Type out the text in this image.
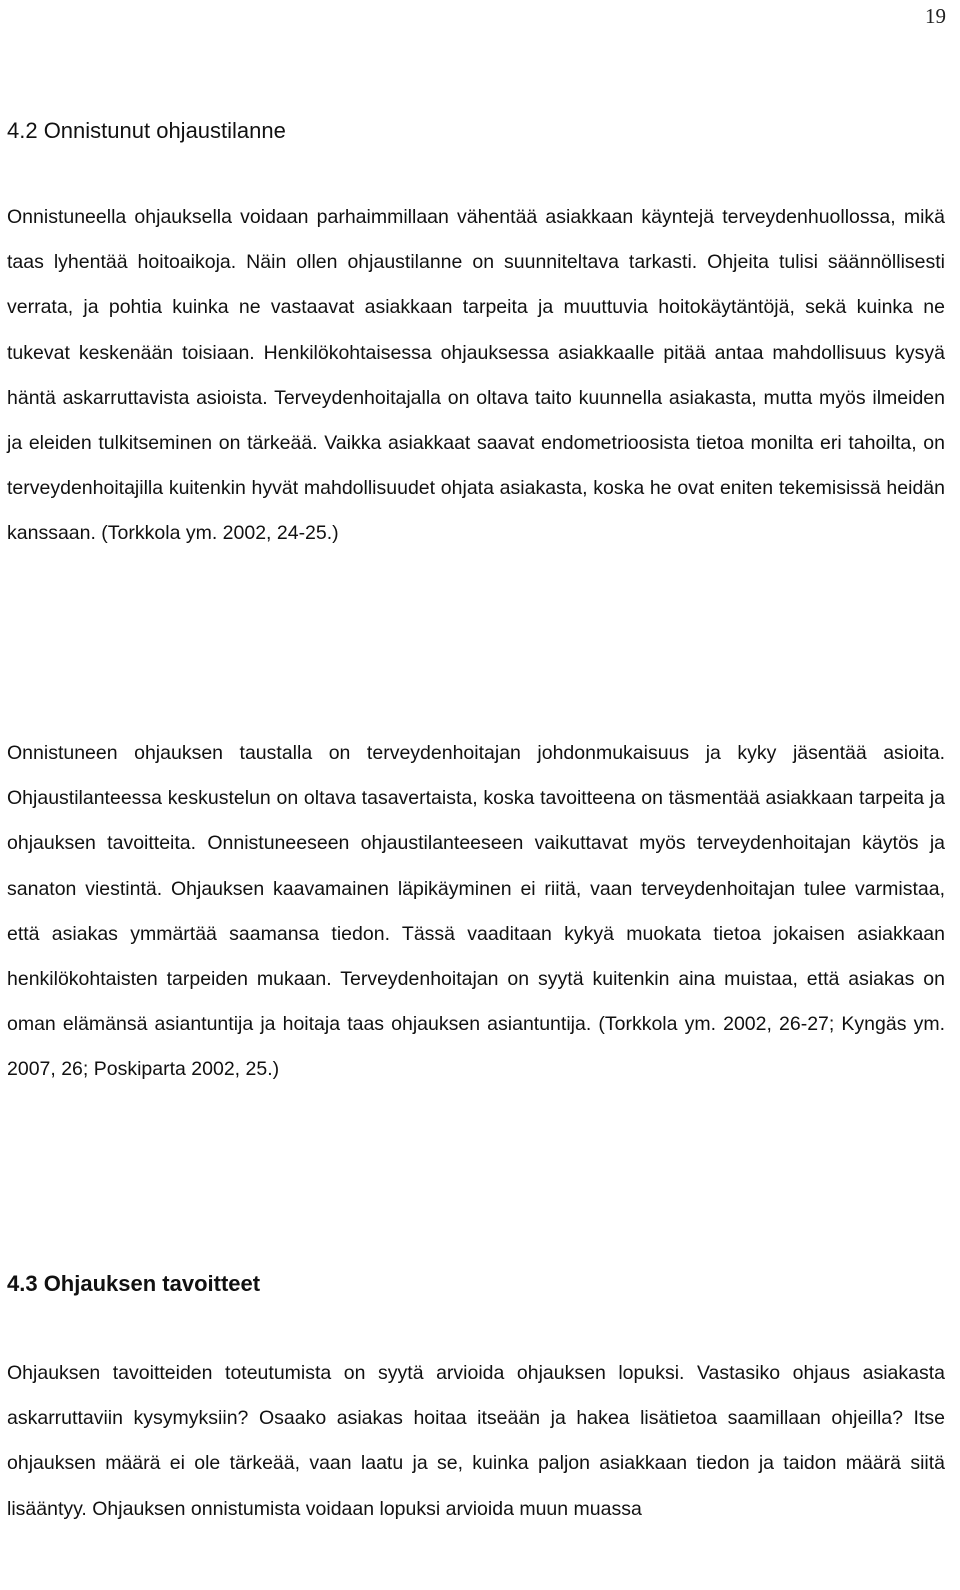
19
4.2 Onnistunut ohjaustilanne

Onnistuneella ohjauksella voidaan parhaimmillaan vähentää asiakkaan käyntejä terveydenhuollossa, mikä taas lyhentää hoitoaikoja. Näin ollen ohjaustilanne on suunniteltava tarkasti. Ohjeita tulisi säännöllisesti verrata, ja pohtia kuinka ne vastaavat asiakkaan tarpeita ja muuttuvia hoitokäytäntöjä, sekä kuinka ne tukevat keskenään toisiaan. Henkilökohtaisessa ohjauksessa asiakkaalle pitää antaa mahdollisuus kysyä häntä askarruttavista asioista. Terveydenhoitajalla on oltava taito kuunnella asiakasta, mutta myös ilmeiden ja eleiden tulkitseminen on tärkeää. Vaikka asiakkaat saavat endometrioosista tietoa monilta eri tahoilta, on terveydenhoitajilla kuitenkin hyvät mahdollisuudet ohjata asiakasta, koska he ovat eniten tekemisissä heidän kanssaan. (Torkkola ym. 2002, 24-25.)

Onnistuneen ohjauksen taustalla on terveydenhoitajan johdonmukaisuus ja kyky jäsentää asioita. Ohjaustilanteessa keskustelun on oltava tasavertaista, koska tavoitteena on täsmentää asiakkaan tarpeita ja ohjauksen tavoitteita. Onnistuneeseen ohjaustilanteeseen vaikuttavat myös terveydenhoitajan käytös ja sanaton viestintä. Ohjauksen kaavamainen läpikäyminen ei riitä, vaan terveydenhoitajan tulee varmistaa, että asiakas ymmärtää saamansa tiedon. Tässä vaaditaan kykyä muokata tietoa jokaisen asiakkaan henkilökohtaisten tarpeiden mukaan. Terveydenhoitajan on syytä kuitenkin aina muistaa, että asiakas on oman elämänsä asiantuntija ja hoitaja taas ohjauksen asiantuntija. (Torkkola ym. 2002, 26-27; Kyngäs ym. 2007, 26; Poskiparta 2002, 25.)

4.3 Ohjauksen tavoitteet

Ohjauksen tavoitteiden toteutumista on syytä arvioida ohjauksen lopuksi. Vastasiko ohjaus asiakasta askarruttaviin kysymyksiin? Osaako asiakas hoitaa itseään ja hakea lisätietoa saamillaan ohjeilla? Itse ohjauksen määrä ei ole tärkeää, vaan laatu ja se, kuinka paljon asiakkaan tiedon ja taidon määrä siitä lisääntyy. Ohjauksen onnistumista voidaan lopuksi arvioida muun muassa
